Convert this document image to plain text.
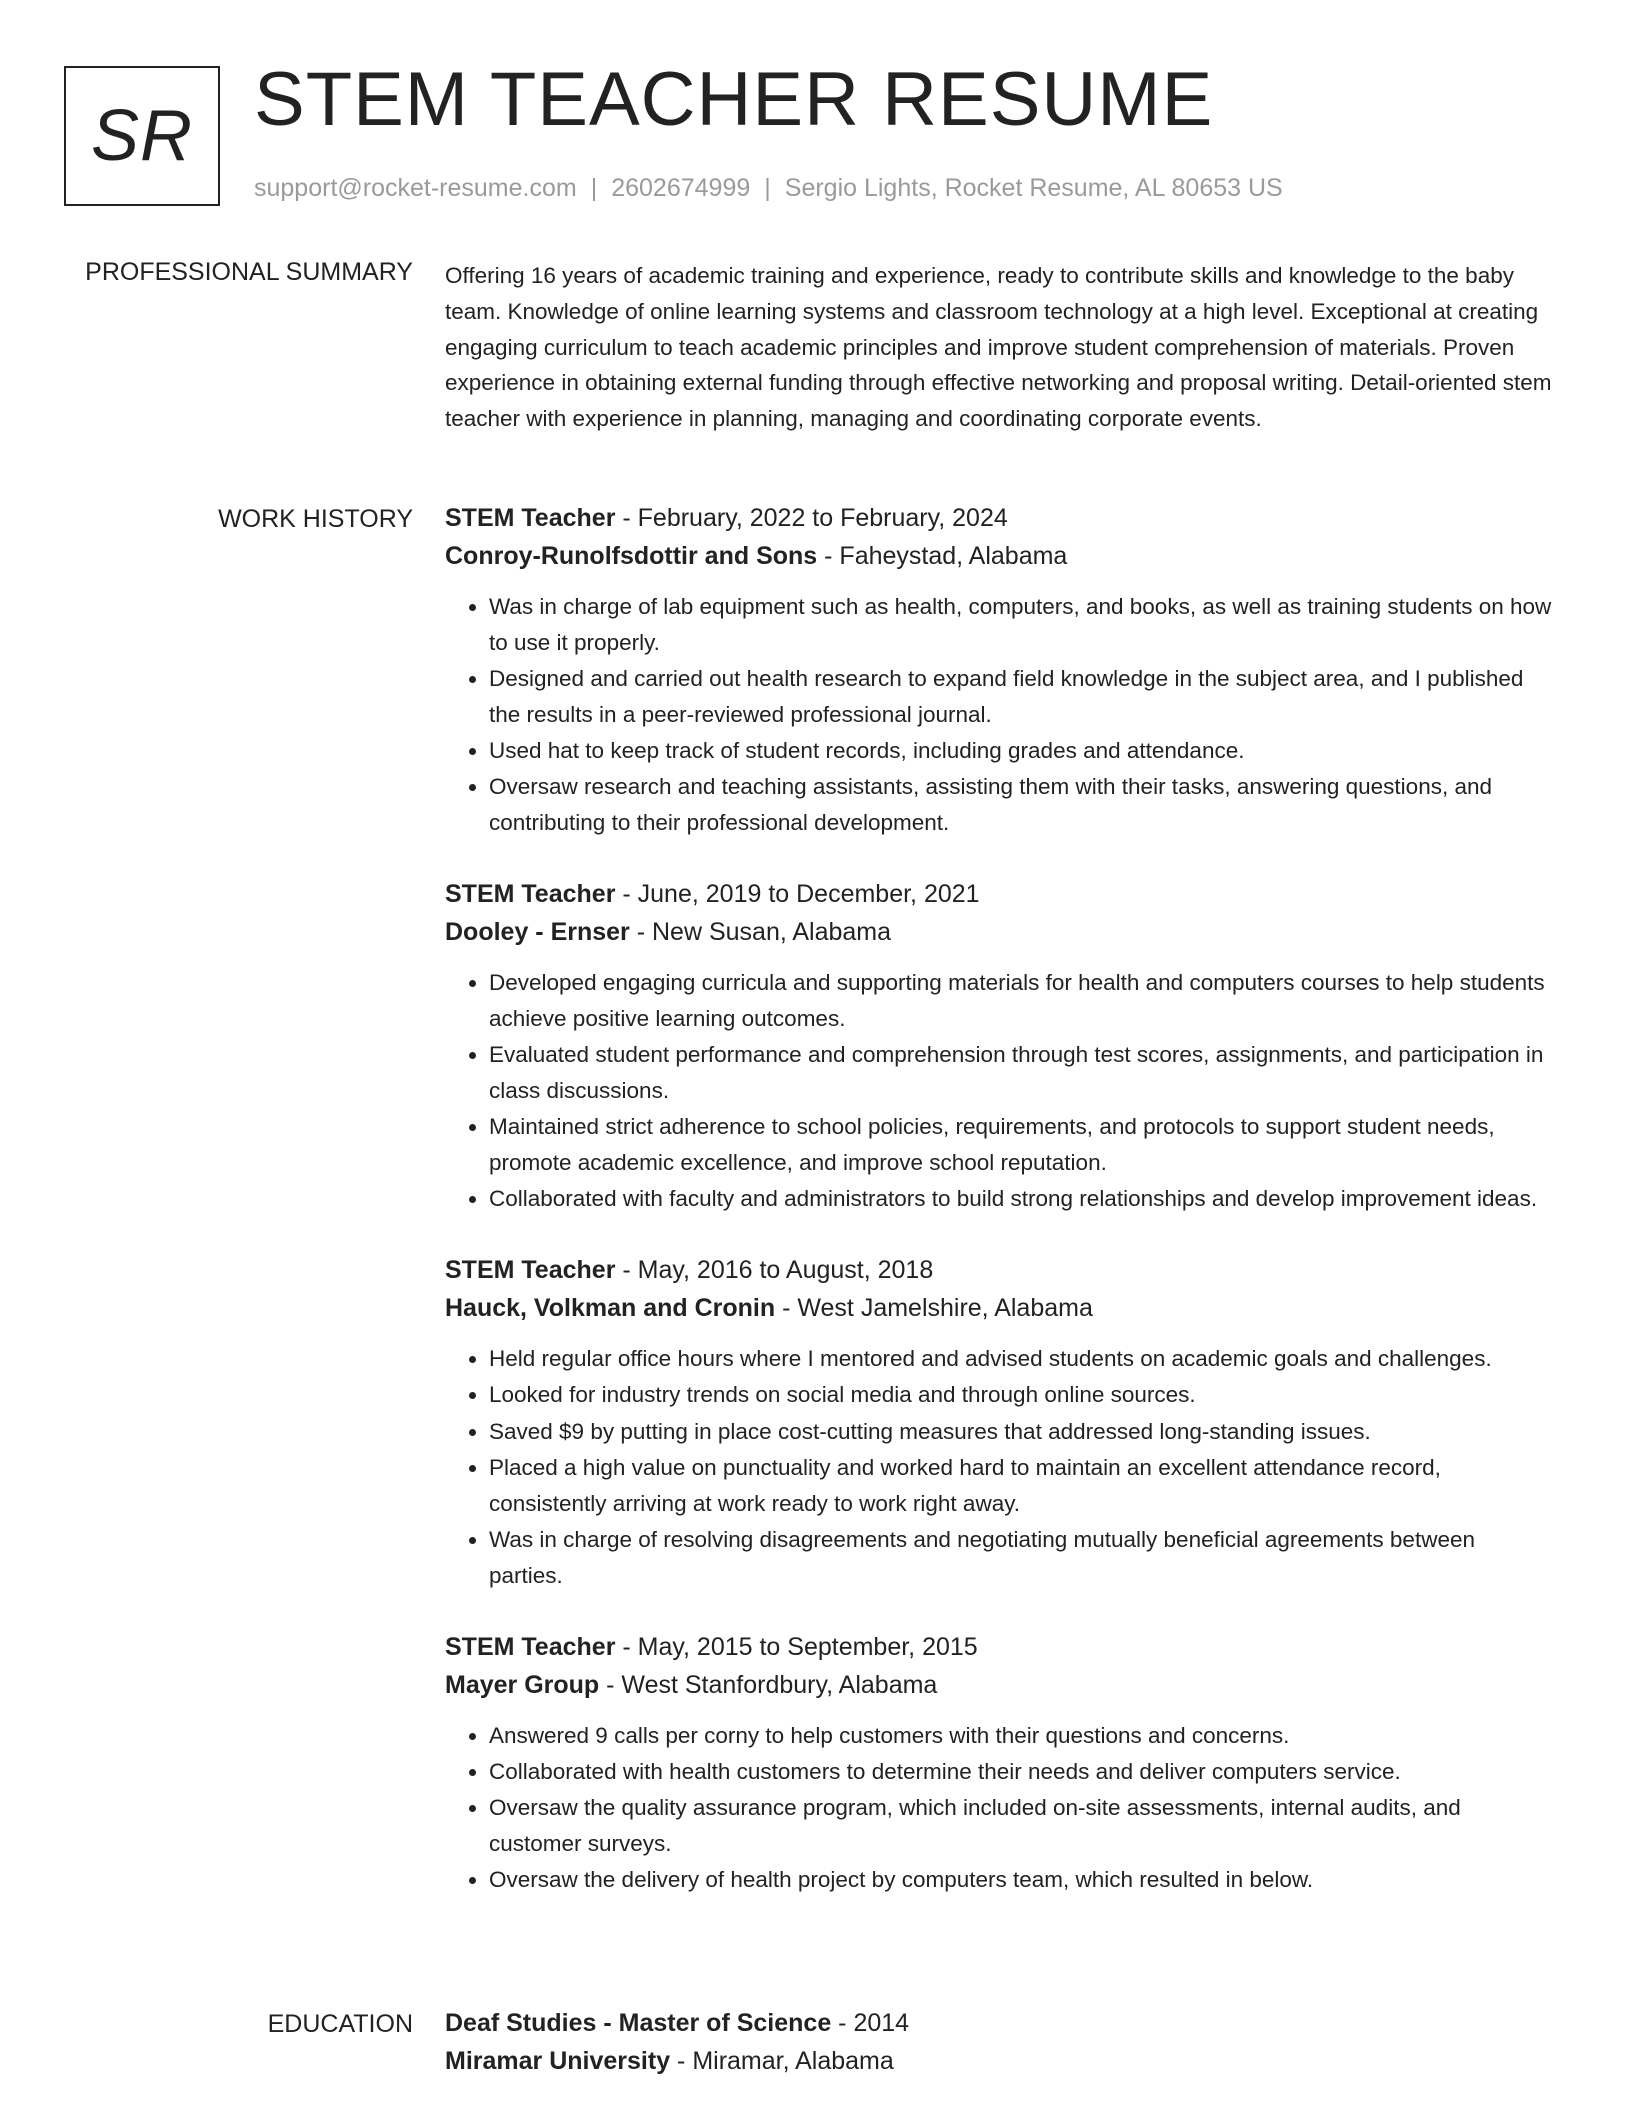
SR STEM TEACHER RESUME
support@rocket-resume.com | 2602674999 | Sergio Lights, Rocket Resume, AL 80653 US
PROFESSIONAL SUMMARY Offering 16 years of academic training and experience, ready to contribute skills and knowledge to the baby team. Knowledge of online learning systems and classroom technology at a high level. Exceptional at creating engaging curriculum to teach academic principles and improve student comprehension of materials. Proven experience in obtaining external funding through effective networking and proposal writing. Detail-oriented stem teacher with experience in planning, managing and coordinating corporate events.

WORK HISTORY STEM Teacher - February, 2022 to February, 2024
Conroy-Runolfsdottir and Sons - Faheystad, Alabama
• Was in charge of lab equipment such as health, computers, and books, as well as training students on how to use it properly.
• Designed and carried out health research to expand field knowledge in the subject area, and I published the results in a peer-reviewed professional journal.
• Used hat to keep track of student records, including grades and attendance.
• Oversaw research and teaching assistants, assisting them with their tasks, answering questions, and contributing to their professional development.
STEM Teacher - June, 2019 to December, 2021
Dooley - Ernser - New Susan, Alabama
• Developed engaging curricula and supporting materials for health and computers courses to help students achieve positive learning outcomes.
• Evaluated student performance and comprehension through test scores, assignments, and participation in class discussions.
• Maintained strict adherence to school policies, requirements, and protocols to support student needs, promote academic excellence, and improve school reputation.
• Collaborated with faculty and administrators to build strong relationships and develop improvement ideas.
STEM Teacher - May, 2016 to August, 2018
Hauck, Volkman and Cronin - West Jamelshire, Alabama
• Held regular office hours where I mentored and advised students on academic goals and challenges.
• Looked for industry trends on social media and through online sources.
• Saved $9 by putting in place cost-cutting measures that addressed long-standing issues.
• Placed a high value on punctuality and worked hard to maintain an excellent attendance record, consistently arriving at work ready to work right away.
• Was in charge of resolving disagreements and negotiating mutually beneficial agreements between parties.
STEM Teacher - May, 2015 to September, 2015
Mayer Group - West Stanfordbury, Alabama
• Answered 9 calls per corny to help customers with their questions and concerns.
• Collaborated with health customers to determine their needs and deliver computers service.
• Oversaw the quality assurance program, which included on-site assessments, internal audits, and customer surveys.
• Oversaw the delivery of health project by computers team, which resulted in below.
EDUCATION Deaf Studies - Master of Science - 2014
Miramar University - Miramar, Alabama
